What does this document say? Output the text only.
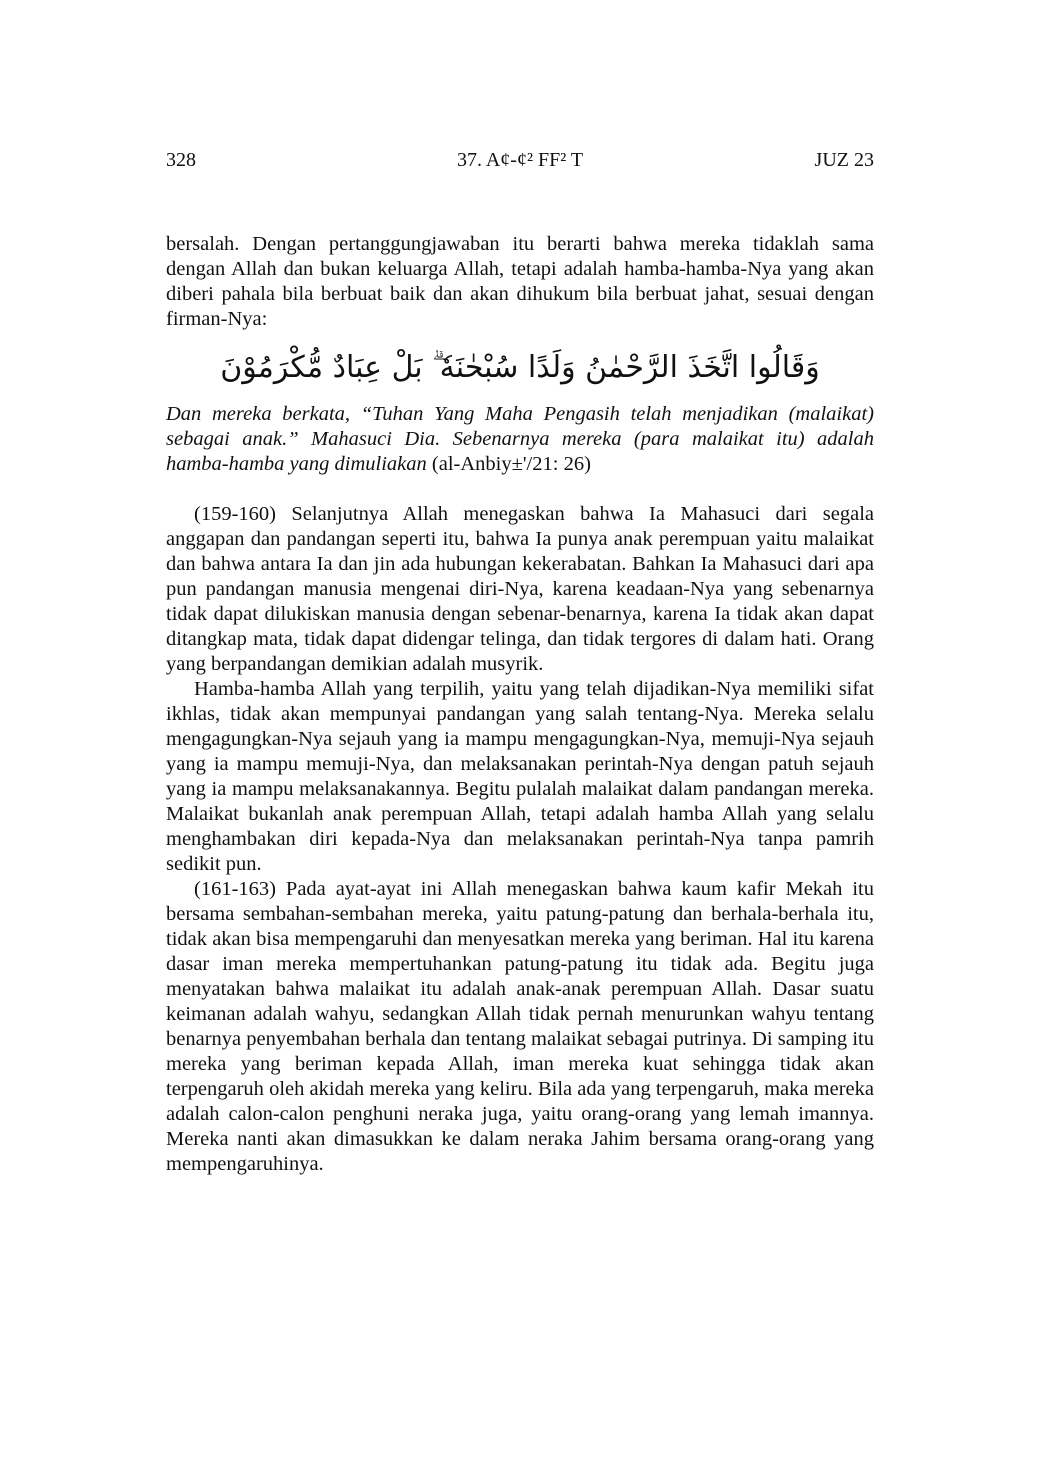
328	37. A¢-¢² FF² T	JUZ 23

bersalah. Dengan pertanggungjawaban itu berarti bahwa mereka tidaklah sama dengan Allah dan bukan keluarga Allah, tetapi adalah hamba-hamba-Nya yang akan diberi pahala bila berbuat baik dan akan dihukum bila berbuat jahat, sesuai dengan firman-Nya:

وَقَالُوا اتَّخَذَ الرَّحْمٰنُ وَلَدًا سُبْحٰنَهٗ ۗ بَلْ عِبَادٌ مُّكْرَمُوْنَ

Dan mereka berkata, “Tuhan Yang Maha Pengasih telah menjadikan (malaikat) sebagai anak.” Mahasuci Dia. Sebenarnya mereka (para malaikat itu) adalah hamba-hamba yang dimuliakan (al-Anbiy±'/21: 26)

(159-160) Selanjutnya Allah menegaskan bahwa Ia Mahasuci dari segala anggapan dan pandangan seperti itu, bahwa Ia punya anak perempuan yaitu malaikat dan bahwa antara Ia dan jin ada hubungan kekerabatan. Bahkan Ia Mahasuci dari apa pun pandangan manusia mengenai diri-Nya, karena keadaan-Nya yang sebenarnya tidak dapat dilukiskan manusia dengan sebenar-benarnya, karena Ia tidak akan dapat ditangkap mata, tidak dapat didengar telinga, dan tidak tergores di dalam hati. Orang yang berpandangan demikian adalah musyrik.

Hamba-hamba Allah yang terpilih, yaitu yang telah dijadikan-Nya memiliki sifat ikhlas, tidak akan mempunyai pandangan yang salah tentang-Nya. Mereka selalu mengagungkan-Nya sejauh yang ia mampu mengagungkan-Nya, memuji-Nya sejauh yang ia mampu memuji-Nya, dan melaksanakan perintah-Nya dengan patuh sejauh yang ia mampu melaksanakannya. Begitu pulalah malaikat dalam pandangan mereka. Malaikat bukanlah anak perempuan Allah, tetapi adalah hamba Allah yang selalu menghambakan diri kepada-Nya dan melaksanakan perintah-Nya tanpa pamrih sedikit pun.

(161-163) Pada ayat-ayat ini Allah menegaskan bahwa kaum kafir Mekah itu bersama sembahan-sembahan mereka, yaitu patung-patung dan berhala-berhala itu, tidak akan bisa mempengaruhi dan menyesatkan mereka yang beriman. Hal itu karena dasar iman mereka mempertuhankan patung-patung itu tidak ada. Begitu juga menyatakan bahwa malaikat itu adalah anak-anak perempuan Allah. Dasar suatu keimanan adalah wahyu, sedangkan Allah tidak pernah menurunkan wahyu tentang benarnya penyembahan berhala dan tentang malaikat sebagai putrinya. Di samping itu mereka yang beriman kepada Allah, iman mereka kuat sehingga tidak akan terpengaruh oleh akidah mereka yang keliru. Bila ada yang terpengaruh, maka mereka adalah calon-calon penghuni neraka juga, yaitu orang-orang yang lemah imannya. Mereka nanti akan dimasukkan ke dalam neraka Jahim bersama orang-orang yang mempengaruhinya.
